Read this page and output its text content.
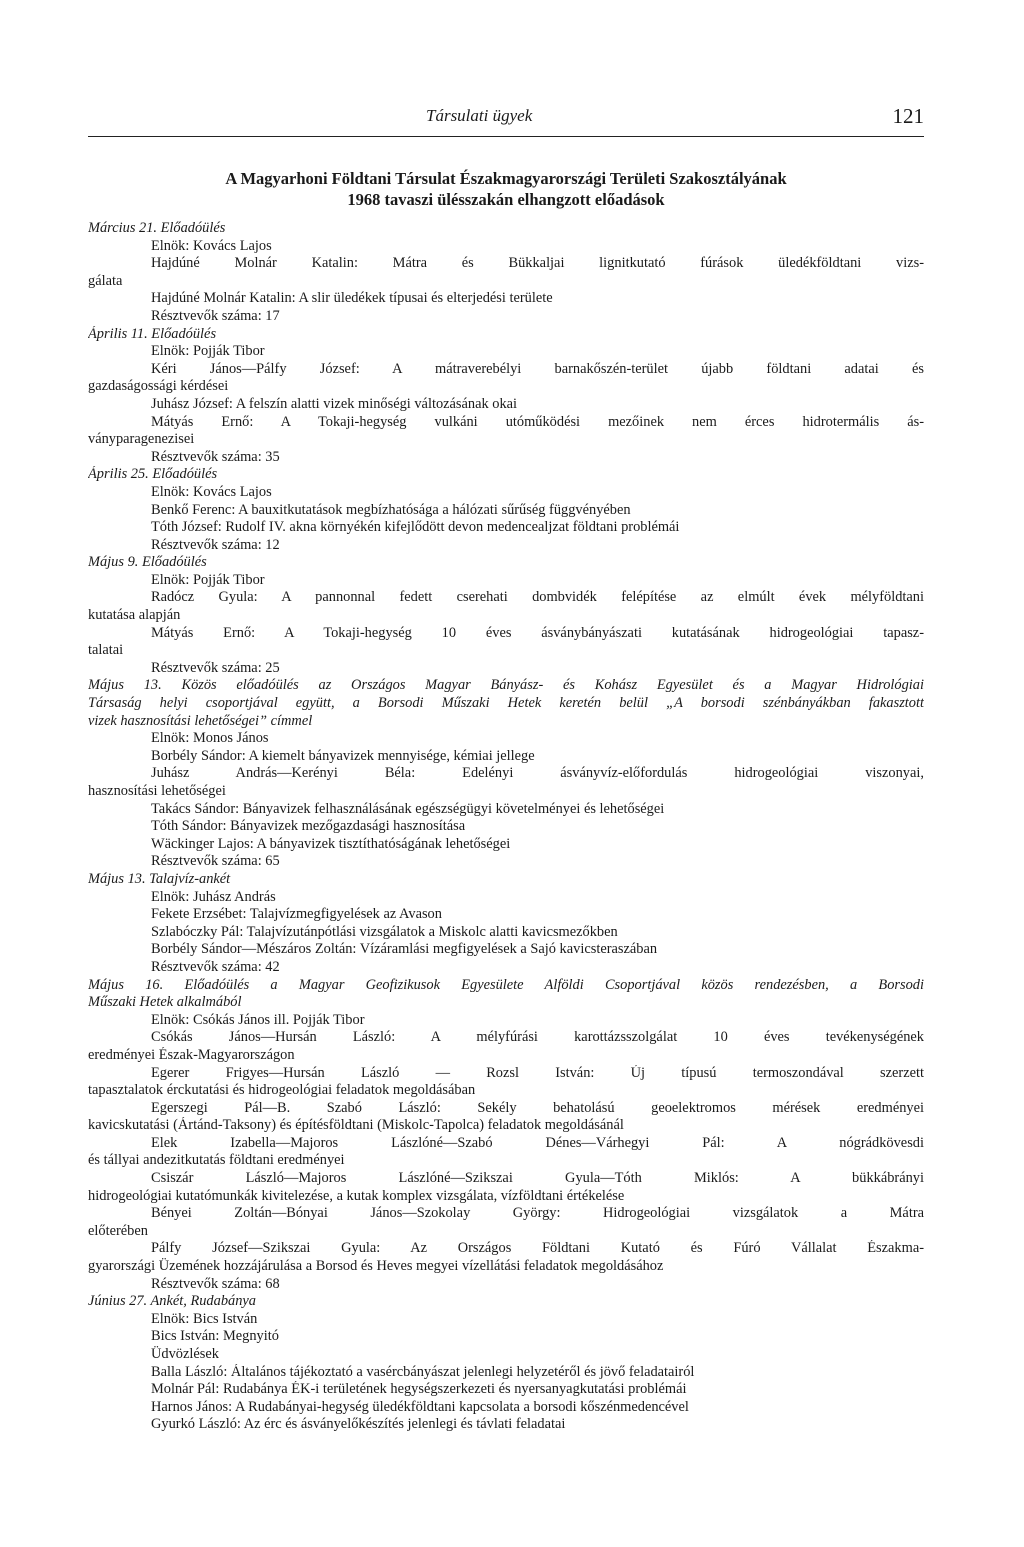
Társulati ügyek	121
A Magyarhoni Földtani Társulat Északmagyarországi Területi Szakosztályának
1968 tavaszi ülésszakán elhangzott előadások
Március 21. Előadóülés
Elnök: Kovács Lajos
Hajdúné Molnár Katalin: Mátra és Bükkaljai lignitkutató fúrások üledékföldtani vizs-
gálata
Hajdúné Molnár Katalin: A slir üledékek típusai és elterjedési területe
Résztvevők száma: 17
Április 11. Előadóülés
Elnök: Pojják Tibor
Kéri János—Pálfy József: A mátraverebélyi barnakőszén-terület újabb földtani adatai és
gazdaságossági kérdései
Juhász József: A felszín alatti vizek minőségi változásának okai
Mátyás Ernő: A Tokaji-hegység vulkáni utóműködési mezőinek nem érces hidrotermális ás-
ványparagenezisei
Résztvevők száma: 35
Április 25. Előadóülés
Elnök: Kovács Lajos
Benkő Ferenc: A bauxitkutatások megbízhatósága a hálózati sűrűség függvényében
Tóth József: Rudolf IV. akna környékén kifejlődött devon medencealjzat földtani problémái
Résztvevők száma: 12
Május 9. Előadóülés
Elnök: Pojják Tibor
Radócz Gyula: A pannonnal fedett cserehati dombvidék felépítése az elmúlt évek mélyföldtani
kutatása alapján
Mátyás Ernő: A Tokaji-hegység 10 éves ásványbányászati kutatásának hidrogeológiai tapasz-
talatai
Résztvevők száma: 25
Május 13. Közös előadóülés az Országos Magyar Bányász- és Kohász Egyesület és a Magyar Hidrológiai
Társaság helyi csoportjával együtt, a Borsodi Műszaki Hetek keretén belül „A borsodi szénbányákban fakasztott
vizek hasznosítási lehetőségei” címmel
Elnök: Monos János
Borbély Sándor: A kiemelt bányavizek mennyisége, kémiai jellege
Juhász András—Kerényi Béla: Edelényi ásványvíz-előfordulás hidrogeológiai viszonyai,
hasznosítási lehetőségei
Takács Sándor: Bányavizek felhasználásának egészségügyi követelményei és lehetőségei
Tóth Sándor: Bányavizek mezőgazdasági hasznosítása
Wäckinger Lajos: A bányavizek tisztíthatóságának lehetőségei
Résztvevők száma: 65
Május 13. Talajvíz-ankét
Elnök: Juhász András
Fekete Erzsébet: Talajvízmegfigyelések az Avason
Szlabóczky Pál: Talajvízutánpótlási vizsgálatok a Miskolc alatti kavicsmezőkben
Borbély Sándor—Mészáros Zoltán: Vízáramlási megfigyelések a Sajó kavicsteraszában
Résztvevők száma: 42
Május 16. Előadóülés a Magyar Geofizikusok Egyesülete Alföldi Csoportjával közös rendezésben, a Borsodi
Műszaki Hetek alkalmából
Elnök: Csókás János ill. Pojják Tibor
Csókás János—Hursán László: A mélyfúrási karottázsszolgálat 10 éves tevékenységének
eredményei Észak-Magyarországon
Egerer Frigyes—Hursán László — Rozsl István: Új típusú termoszondával szerzett
tapasztalatok érckutatási és hidrogeológiai feladatok megoldásában
Egerszegi Pál—B. Szabó László: Sekély behatolású geoelektromos mérések eredményei
kavicskutatási (Ártánd-Taksony) és építésföldtani (Miskolc-Tapolca) feladatok megoldásánál
Elek Izabella—Majoros Lászlóné—Szabó Dénes—Várhegyi Pál: A nógrádkövesdi
és tállyai andezitkutatás földtani eredményei
Csiszár László—Majoros Lászlóné—Szikszai Gyula—Tóth Miklós: A bükkábrányi
hidrogeológiai kutatómunkák kivitelezése, a kutak komplex vizsgálata, vízföldtani értékelése
Bényei Zoltán—Bónyai János—Szokolay György: Hidrogeológiai vizsgálatok a Mátra
előterében
Pálfy József—Szikszai Gyula: Az Országos Földtani Kutató és Fúró Vállalat Északma-
gyarországi Üzemének hozzájárulása a Borsod és Heves megyei vízellátási feladatok megoldásához
Résztvevők száma: 68
Június 27. Ankét, Rudabánya
Elnök: Bics István
Bics István: Megnyitó
Üdvözlések
Balla László: Általános tájékoztató a vasércbányászat jelenlegi helyzetéről és jövő feladatairól
Molnár Pál: Rudabánya ÉK-i területének hegységszerkezeti és nyersanyagkutatási problémái
Harnos János: A Rudabányai-hegység üledékföldtani kapcsolata a borsodi kőszénmedencével
Gyurkó László: Az érc és ásványelőkészítés jelenlegi és távlati feladatai
